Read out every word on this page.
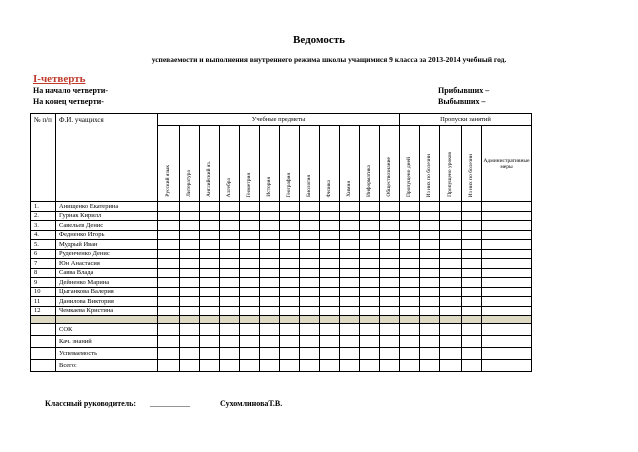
Ведомость
успеваемости и выполнения внутреннего режима школы учащимися 9 класса за 2013-2014 учебный год.
I-четверть
На начало четверти-
На конец четверти-
Прибывших –
Выбывших –
№ п/п	Ф.И. учащихся	Учебные предметы												Пропуски занятий				
		Русский язык	Литература	Английский яз.	Алгебра	Геометрия	История	География	Биология	Физика	Химия	Информатика	Обществознание	Пропущено дней	Из них по болезни	Пропущено уроков	Из них по болезни	Административные меры
1.	Анищенко Екатерина																	
2.	Гурнак Кирилл																	
3.	Савельев Денис																	
4.	Федненко Игорь																	
5.	Мудрый Иван																	
6	Руденченко Денис																	
7	Юн Анастасия																	
8	Савва Влада																	
9	Дейненко Марина																	
10	Цыганкова Валерия																	
11	Данилова Виктория																	
12	Чемкаева Кристина																	

	СОК																	
	Кач. знаний																	
	Успеваемость																	
	Всего:																	
Классный руководитель: __________	СухомлиноваТ.В.
